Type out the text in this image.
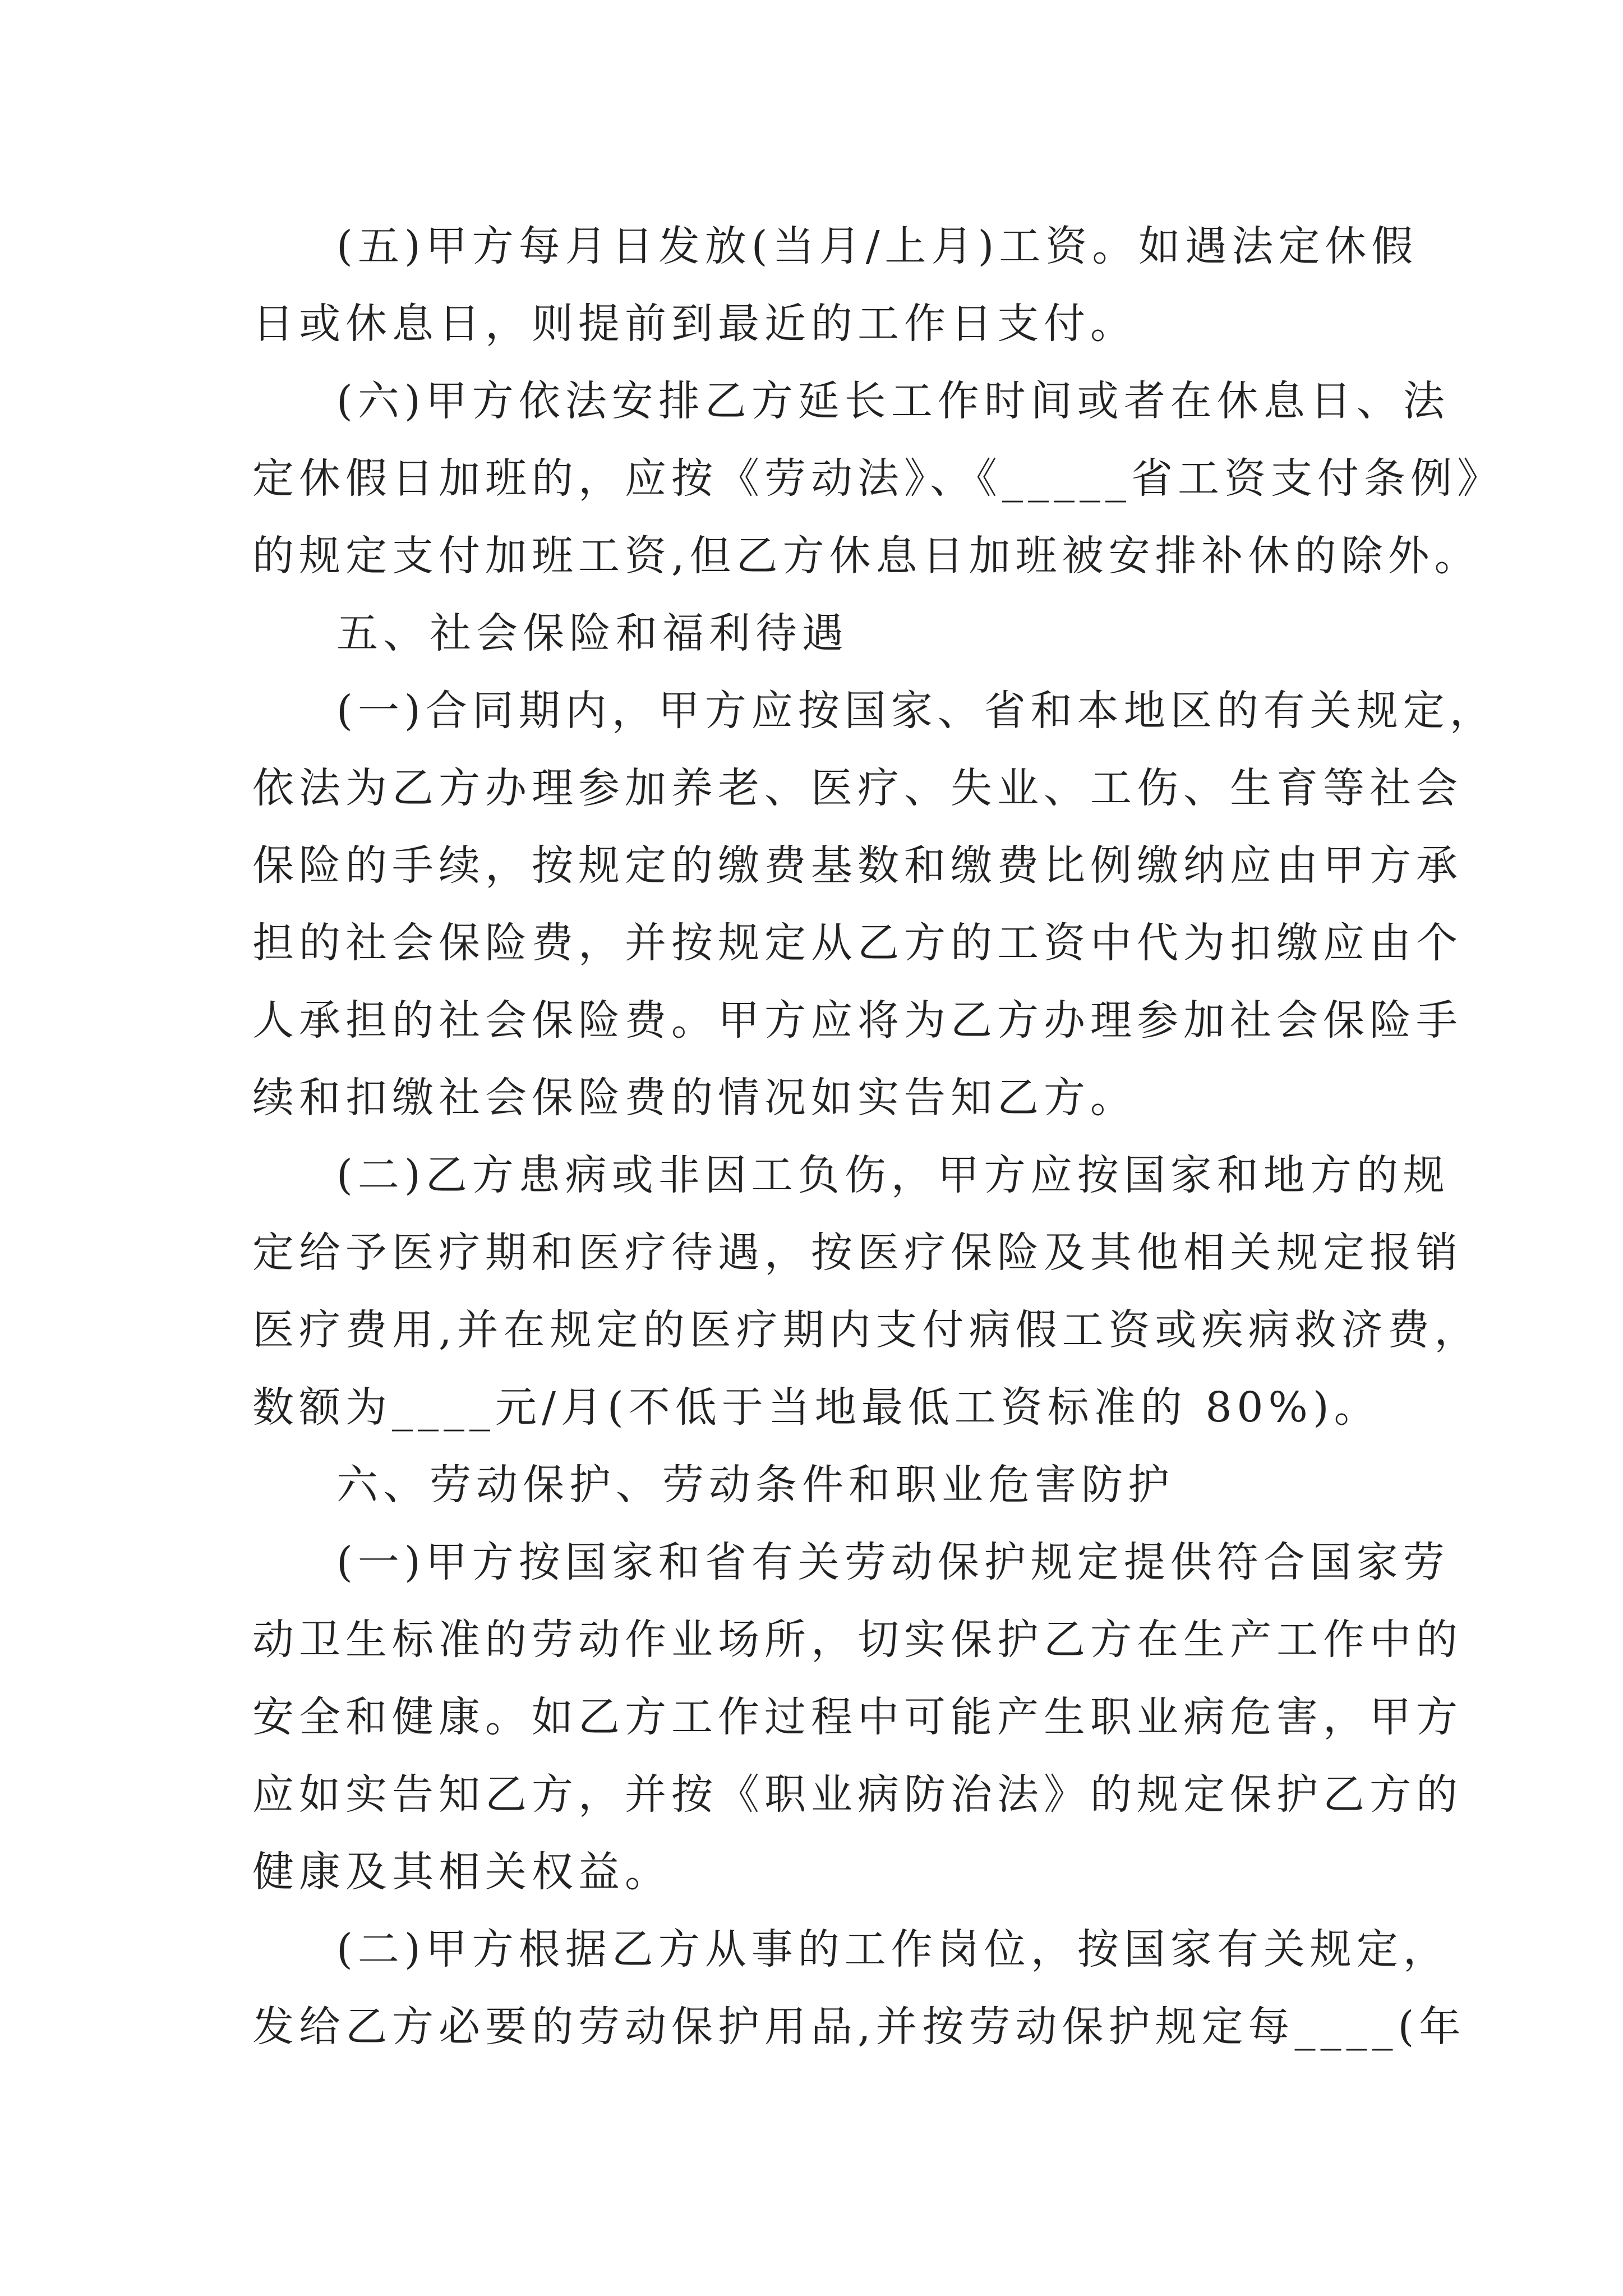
(五)甲方每月日发放(当月/上月)工资。如遇法定休假
日或休息日，则提前到最近的工作日支付。
(六)甲方依法安排乙方延长工作时间或者在休息日、法
定休假日加班的，应按《劳动法》、《_____省工资支付条例》
的规定支付加班工资,但乙方休息日加班被安排补休的除外。
五、社会保险和福利待遇
(一)合同期内，甲方应按国家、省和本地区的有关规定，
依法为乙方办理参加养老、医疗、失业、工伤、生育等社会
保险的手续，按规定的缴费基数和缴费比例缴纳应由甲方承
担的社会保险费，并按规定从乙方的工资中代为扣缴应由个
人承担的社会保险费。甲方应将为乙方办理参加社会保险手
续和扣缴社会保险费的情况如实告知乙方。
(二)乙方患病或非因工负伤，甲方应按国家和地方的规
定给予医疗期和医疗待遇，按医疗保险及其他相关规定报销
医疗费用,并在规定的医疗期内支付病假工资或疾病救济费，
数额为____元/月(不低于当地最低工资标准的 80%)。
六、劳动保护、劳动条件和职业危害防护
(一)甲方按国家和省有关劳动保护规定提供符合国家劳
动卫生标准的劳动作业场所，切实保护乙方在生产工作中的
安全和健康。如乙方工作过程中可能产生职业病危害，甲方
应如实告知乙方，并按《职业病防治法》的规定保护乙方的
健康及其相关权益。
(二)甲方根据乙方从事的工作岗位，按国家有关规定，
发给乙方必要的劳动保护用品,并按劳动保护规定每____(年
